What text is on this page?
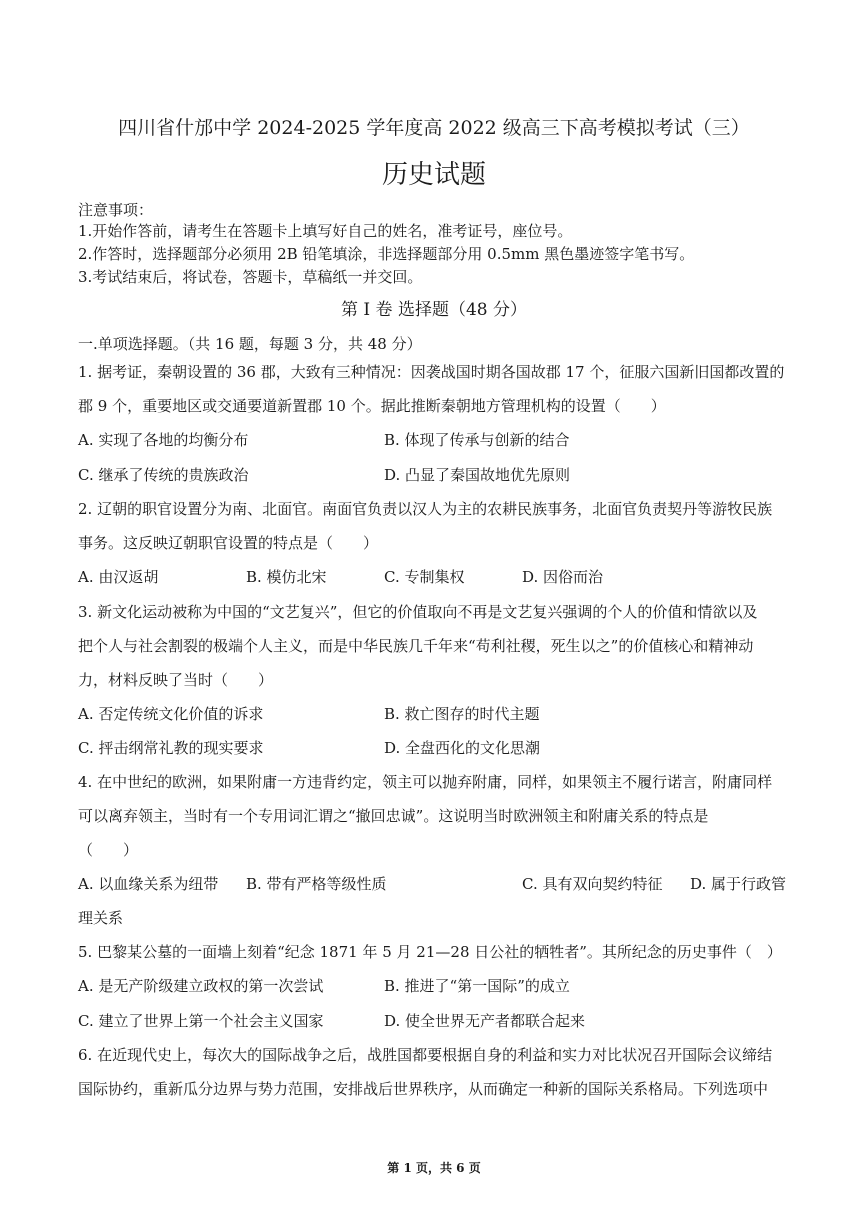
四川省什邡中学 2024-2025 学年度高 2022 级高三下高考模拟考试（三）
历史试题
注意事项：
1.开始作答前，请考生在答题卡上填写好自己的姓名，准考证号，座位号。
2.作答时，选择题部分必须用 2B 铅笔填涂，非选择题部分用 0.5mm 黑色墨迹签字笔书写。
3.考试结束后，将试卷，答题卡，草稿纸一并交回。
第 I 卷 选择题（48 分）
一.单项选择题。（共 16 题，每题 3 分，共 48 分）
1. 据考证，秦朝设置的 36 郡，大致有三种情况：因袭战国时期各国故郡 17 个，征服六国新旧国都改置的
郡 9 个，重要地区或交通要道新置郡 10 个。据此推断秦朝地方管理机构的设置（　　）
A. 实现了各地的均衡分布	B. 体现了传承与创新的结合
C. 继承了传统的贵族政治	D. 凸显了秦国故地优先原则
2. 辽朝的职官设置分为南、北面官。南面官负责以汉人为主的农耕民族事务，北面官负责契丹等游牧民族
事务。这反映辽朝职官设置的特点是（　　）
A. 由汉返胡	B. 模仿北宋	C. 专制集权	D. 因俗而治
3. 新文化运动被称为中国的“文艺复兴”，但它的价值取向不再是文艺复兴强调的个人的价值和情欲以及
把个人与社会割裂的极端个人主义，而是中华民族几千年来“苟利社稷，死生以之”的价值核心和精神动
力，材料反映了当时（　　）
A. 否定传统文化价值的诉求	B. 救亡图存的时代主题
C. 抨击纲常礼教的现实要求	D. 全盘西化的文化思潮
4. 在中世纪的欧洲，如果附庸一方违背约定，领主可以抛弃附庸，同样，如果领主不履行诺言，附庸同样
可以离弃领主，当时有一个专用词汇谓之“撤回忠诚”。这说明当时欧洲领主和附庸关系的特点是
（　　）
A. 以血缘关系为纽带 B. 带有严格等级性质	C. 具有双向契约特征 D. 属于行政管
理关系
5. 巴黎某公墓的一面墙上刻着“纪念 1871 年 5 月 21—28 日公社的牺牲者”。其所纪念的历史事件（　）
A. 是无产阶级建立政权的第一次尝试	B. 推进了“第一国际”的成立
C. 建立了世界上第一个社会主义国家	D. 使全世界无产者都联合起来
6. 在近现代史上，每次大的国际战争之后，战胜国都要根据自身的利益和实力对比状况召开国际会议缔结
国际协约，重新瓜分边界与势力范围，安排战后世界秩序，从而确定一种新的国际关系格局。下列选项中
第 1 页，共 6 页
